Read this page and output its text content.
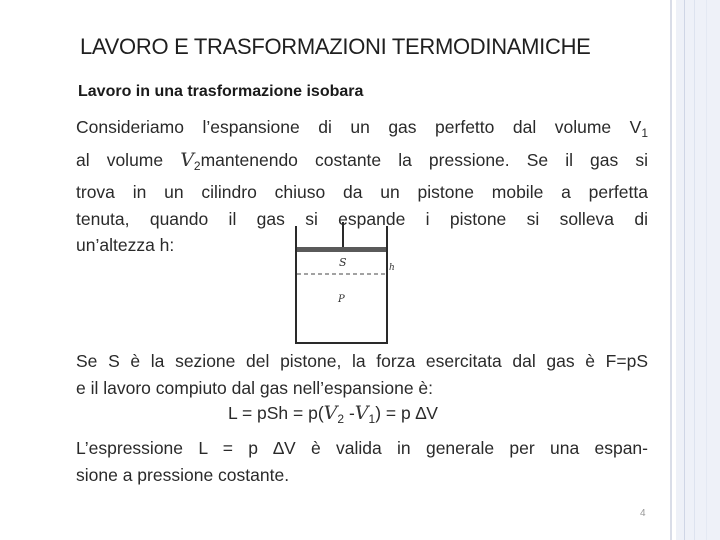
LAVORO E TRASFORMAZIONI TERMODINAMICHE
Lavoro in una trasformazione isobara
Consideriamo l’espansione di un gas perfetto dal volume $V_1$
al volume $V_2mantenendo$ costante la pressione. Se il gas si
trova in un cilindro chiuso da un pistone mobile a perfetta
tenuta, quando il gas si espande i pistone si solleva di
un’altezza h:
S	h
P
Se S è la sezione del pistone, la forza esercitata dal gas è F=pS
e il lavoro compiuto dal gas nell’espansione è:
L = pSh = $p(V_2$ $-V_1) = p$ ∆V
L’espressione L = p ∆V è valida in generale per una espan-
sione a pressione costante.
4
